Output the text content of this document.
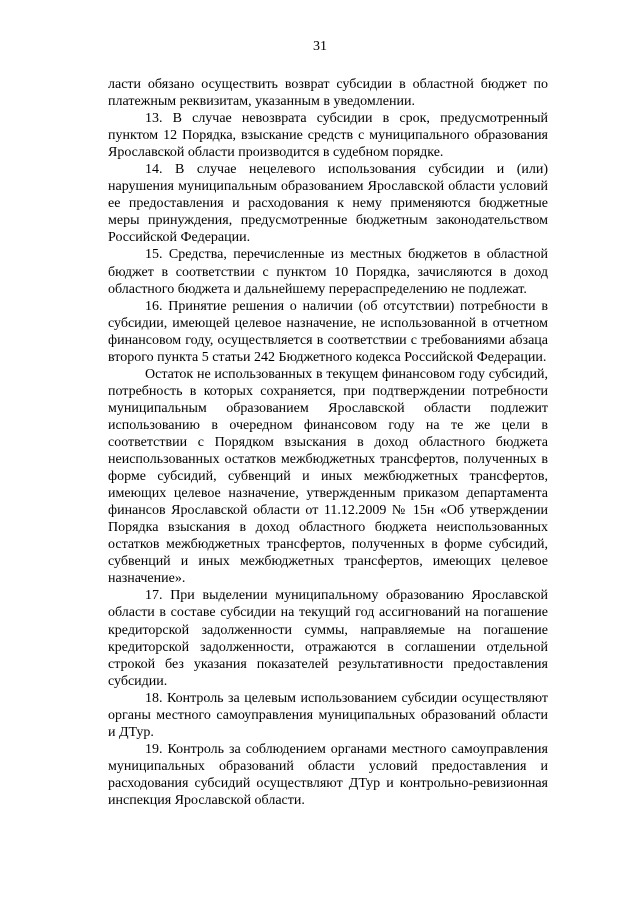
31

ласти обязано осуществить возврат субсидии в областной бюджет по платежным реквизитам, указанным в уведомлении.

13. В случае невозврата субсидии в срок, предусмотренный пунктом 12 Порядка, взыскание средств с муниципального образования Ярославской области производится в судебном порядке.

14. В случае нецелевого использования субсидии и (или) нарушения муниципальным образованием Ярославской области условий ее предоставления и расходования к нему применяются бюджетные меры принуждения, предусмотренные бюджетным законодательством Российской Федерации.

15. Средства, перечисленные из местных бюджетов в областной бюджет в соответствии с пунктом 10 Порядка, зачисляются в доход областного бюджета и дальнейшему перераспределению не подлежат.

16. Принятие решения о наличии (об отсутствии) потребности в субсидии, имеющей целевое назначение, не использованной в отчетном финансовом году, осуществляется в соответствии с требованиями абзаца второго пункта 5 статьи 242 Бюджетного кодекса Российской Федерации.

Остаток не использованных в текущем финансовом году субсидий, потребность в которых сохраняется, при подтверждении потребности муниципальным образованием Ярославской области подлежит использованию в очередном финансовом году на те же цели в соответствии с Порядком взыскания в доход областного бюджета неиспользованных остатков межбюджетных трансфертов, полученных в форме субсидий, субвенций и иных межбюджетных трансфертов, имеющих целевое назначение, утвержденным приказом департамента финансов Ярославской области от 11.12.2009 № 15н «Об утверждении Порядка взыскания в доход областного бюджета неиспользованных остатков межбюджетных трансфертов, полученных в форме субсидий, субвенций и иных межбюджетных трансфертов, имеющих целевое назначение».

17. При выделении муниципальному образованию Ярославской области в составе субсидии на текущий год ассигнований на погашение кредиторской задолженности суммы, направляемые на погашение кредиторской задолженности, отражаются в соглашении отдельной строкой без указания показателей результативности предоставления субсидии.

18. Контроль за целевым использованием субсидии осуществляют органы местного самоуправления муниципальных образований области и ДТур.

19. Контроль за соблюдением органами местного самоуправления муниципальных образований области условий предоставления и расходования субсидий осуществляют ДТур и контрольно-ревизионная инспекция Ярославской области.
